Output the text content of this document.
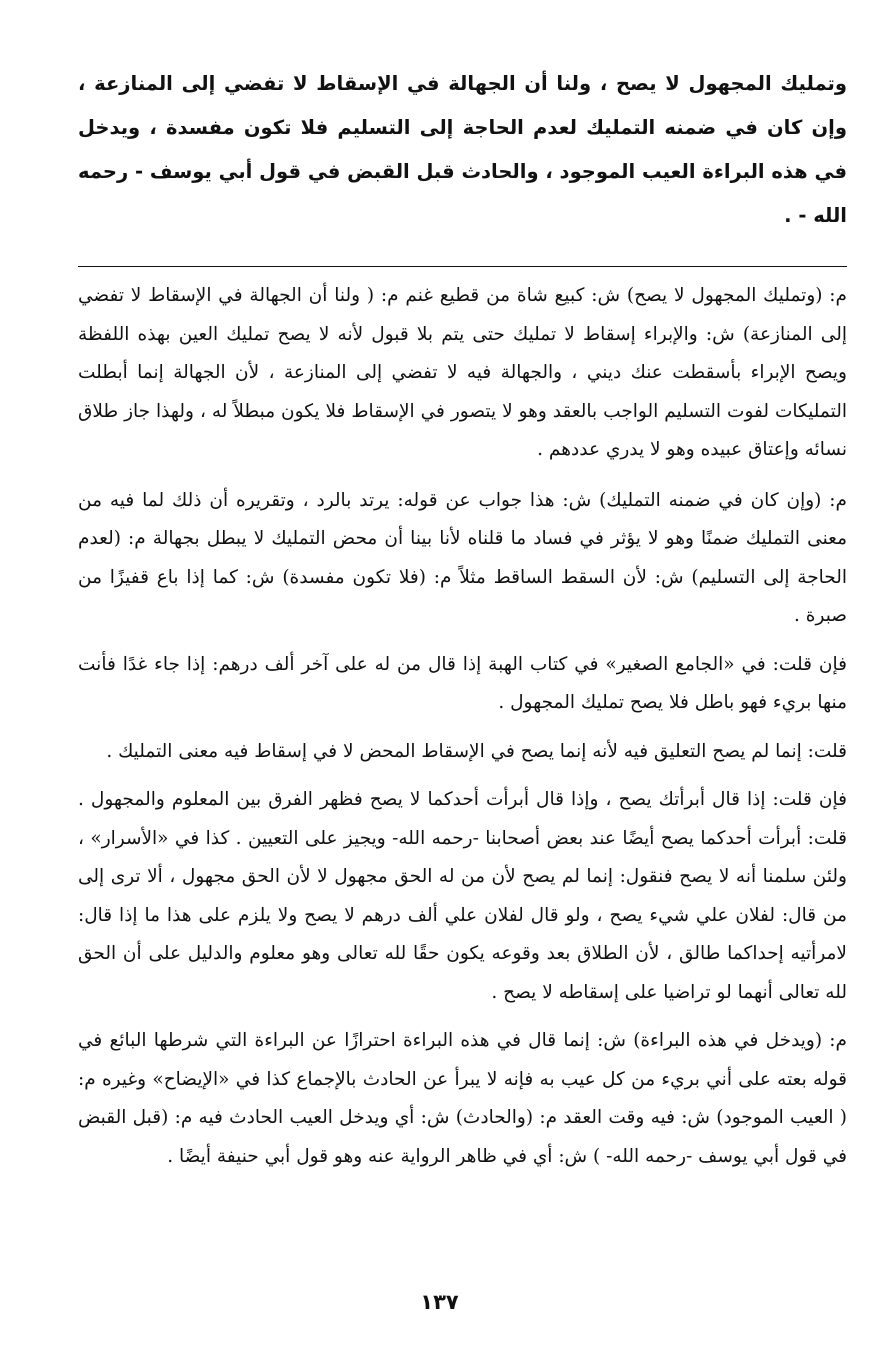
وتمليك المجهول لا يصح ، ولنا أن الجهالة في الإسقاط لا تفضي إلى المنازعة ، وإن كان في ضمنه التمليك لعدم الحاجة إلى التسليم فلا تكون مفسدة ، ويدخل في هذه البراءة العيب الموجود ، والحادث قبل القبض في قول أبي يوسف - رحمه الله - .

م: (وتمليك المجهول لا يصح) ش: كبيع شاة من قطيع غنم م: ( ولنا أن الجهالة في الإسقاط لا تفضي إلى المنازعة) ش: والإبراء إسقاط لا تمليك حتى يتم بلا قبول لأنه لا يصح تمليك العين بهذه اللفظة ويصح الإبراء بأسقطت عنك ديني ، والجهالة فيه لا تفضي إلى المنازعة ، لأن الجهالة إنما أبطلت التمليكات لفوت التسليم الواجب بالعقد وهو لا يتصور في الإسقاط فلا يكون مبطلاً له ، ولهذا جاز طلاق نسائه وإعتاق عبيده وهو لا يدري عددهم .

م: (وإن كان في ضمنه التمليك) ش: هذا جواب عن قوله: يرتد بالرد ، وتقريره أن ذلك لما فيه من معنى التمليك ضمنًا وهو لا يؤثر في فساد ما قلناه لأنا بينا أن محض التمليك لا يبطل بجهالة م: (لعدم الحاجة إلى التسليم) ش: لأن السقط الساقط مثلاً م: (فلا تكون مفسدة) ش: كما إذا باع قفيزًا من صبرة .

فإن قلت: في «الجامع الصغير» في كتاب الهبة إذا قال من له على آخر ألف درهم: إذا جاء غدًا فأنت منها بريء فهو باطل فلا يصح تمليك المجهول .

قلت: إنما لم يصح التعليق فيه لأنه إنما يصح في الإسقاط المحض لا في إسقاط فيه معنى التمليك .

فإن قلت: إذا قال أبرأتك يصح ، وإذا قال أبرأت أحدكما لا يصح فظهر الفرق بين المعلوم والمجهول . قلت: أبرأت أحدكما يصح أيضًا عند بعض أصحابنا -رحمه الله- ويجيز على التعيين . كذا في «الأسرار» ، ولئن سلمنا أنه لا يصح فنقول: إنما لم يصح لأن من له الحق مجهول لا لأن الحق مجهول ، ألا ترى إلى من قال: لفلان علي شيء يصح ، ولو قال لفلان علي ألف درهم لا يصح ولا يلزم على هذا ما إذا قال: لامرأتيه إحداكما طالق ، لأن الطلاق بعد وقوعه يكون حقًا لله تعالى وهو معلوم والدليل على أن الحق لله تعالى أنهما لو تراضيا على إسقاطه لا يصح .

م: (ويدخل في هذه البراءة) ش: إنما قال في هذه البراءة احترازًا عن البراءة التي شرطها البائع في قوله بعته على أني بريء من كل عيب به فإنه لا يبرأ عن الحادث بالإجماع كذا في «الإيضاح» وغيره م: ( العيب الموجود) ش: فيه وقت العقد م: (والحادث) ش: أي ويدخل العيب الحادث فيه م: (قبل القبض في قول أبي يوسف -رحمه الله- ) ش: أي في ظاهر الرواية عنه وهو قول أبي حنيفة أيضًا .

١٣٧
